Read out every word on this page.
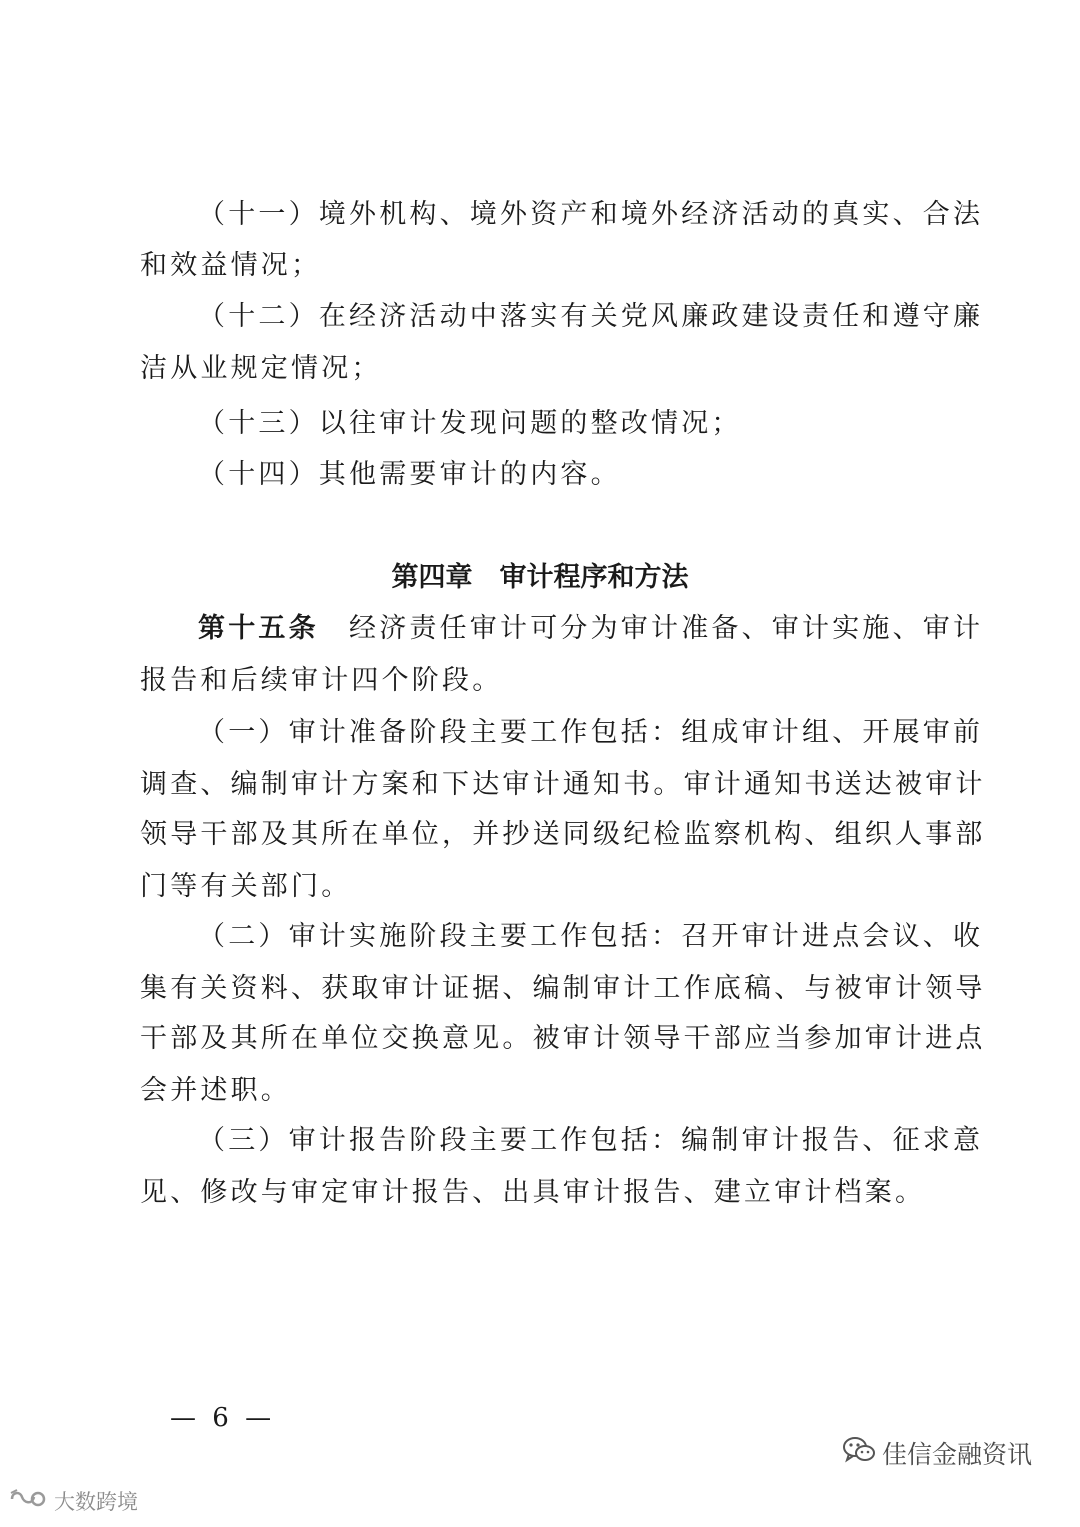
（十一）境外机构、境外资产和境外经济活动的真实、合法
和效益情况；
（十二）在经济活动中落实有关党风廉政建设责任和遵守廉
洁从业规定情况；
（十三）以往审计发现问题的整改情况；
（十四）其他需要审计的内容。
第四章　审计程序和方法
第十五条　经济责任审计可分为审计准备、审计实施、审计
报告和后续审计四个阶段。
（一）审计准备阶段主要工作包括：组成审计组、开展审前
调查、编制审计方案和下达审计通知书。审计通知书送达被审计
领导干部及其所在单位，并抄送同级纪检监察机构、组织人事部
门等有关部门。
（二）审计实施阶段主要工作包括：召开审计进点会议、收
集有关资料、获取审计证据、编制审计工作底稿、与被审计领导
干部及其所在单位交换意见。被审计领导干部应当参加审计进点
会并述职。
（三）审计报告阶段主要工作包括：编制审计报告、征求意
见、修改与审定审计报告、出具审计报告、建立审计档案。
— 6 —
佳信金融资讯
大数跨境
